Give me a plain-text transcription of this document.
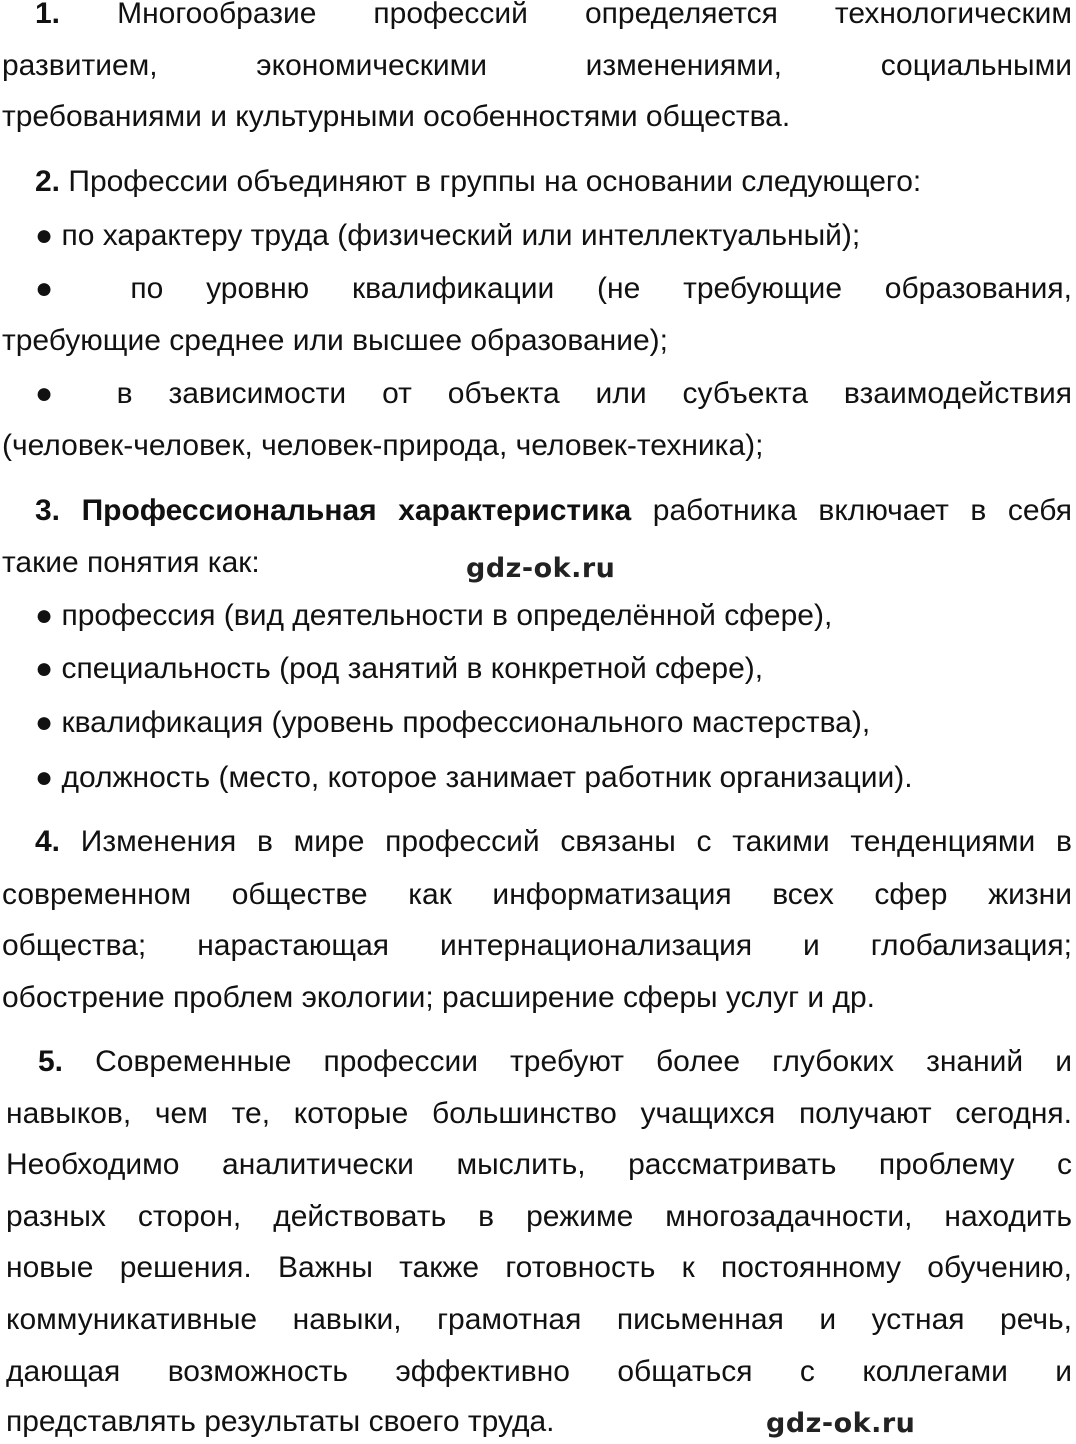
1. Многообразие профессий определяется технологическим
развитием, экономическими изменениями, социальными
требованиями и культурными особенностями общества.
2. Профессии объединяют в группы на основании следующего:
● по характеру труда (физический или интеллектуальный);
● по уровню квалификации (не требующие образования,
требующие среднее или высшее образование);
● в зависимости от объекта или субъекта взаимодействия
(человек-человек, человек-природа, человек-техника);
3. Профессиональная характеристика работника включает в себя
такие понятия как:	gdz-ok.ru
● профессия (вид деятельности в определённой сфере),
● специальность (род занятий в конкретной сфере),
● квалификация (уровень профессионального мастерства),
● должность (место, которое занимает работник организации).
4. Изменения в мире профессий связаны с такими тенденциями в
современном обществе как информатизация всех сфер жизни
общества; нарастающая интернационализация и глобализация;
обострение проблем экологии; расширение сферы услуг и др.
5. Современные профессии требуют более глубоких знаний и
навыков, чем те, которые большинство учащихся получают сегодня.
Необходимо аналитически мыслить, рассматривать проблему с
разных сторон, действовать в режиме многозадачности, находить
новые решения. Важны также готовность к постоянному обучению,
коммуникативные навыки, грамотная письменная и устная речь,
дающая возможность эффективно общаться с коллегами и
представлять результаты своего труда.	gdz-ok.ru
